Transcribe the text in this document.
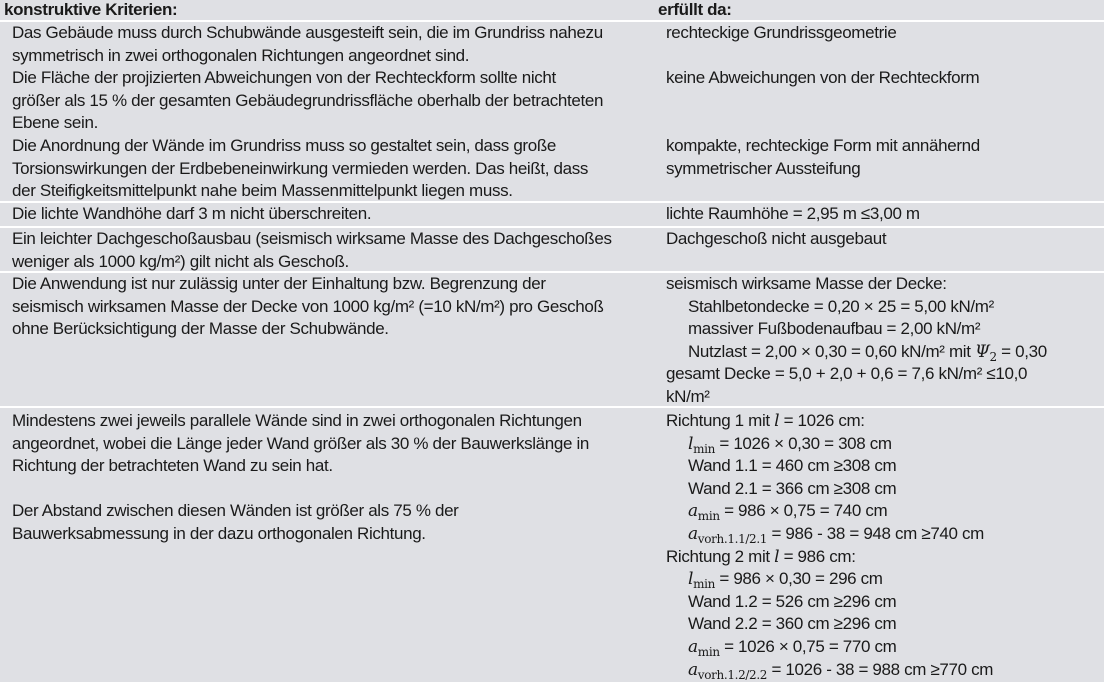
konstruktive Kriterien:	erfüllt da:
Das Gebäude muss durch Schubwände ausgesteift sein, die im Grundriss nahezu
symmetrisch in zwei orthogonalen Richtungen angeordnet sind.
Die Fläche der projizierten Abweichungen von der Rechteckform sollte nicht
größer als 15 % der gesamten Gebäudegrundrissfläche oberhalb der betrachteten
Ebene sein.
Die Anordnung der Wände im Grundriss muss so gestaltet sein, dass große
Torsionswirkungen der Erdbebeneinwirkung vermieden werden. Das heißt, dass
der Steifigkeitsmittelpunkt nahe beim Massenmittelpunkt liegen muss.
rechteckige Grundrissgeometrie
keine Abweichungen von der Rechteckform
kompakte, rechteckige Form mit annähernd
symmetrischer Aussteifung
Die lichte Wandhöhe darf 3 m nicht überschreiten.	lichte Raumhöhe = 2,95 m ≤3,00 m
Ein leichter Dachgeschoßausbau (seismisch wirksame Masse des Dachgeschoßes
weniger als 1000 kg/m²) gilt nicht als Geschoß.
Dachgeschoß nicht ausgebaut
Die Anwendung ist nur zulässig unter der Einhaltung bzw. Begrenzung der
seismisch wirksamen Masse der Decke von 1000 kg/m² (=10 kN/m²) pro Geschoß
ohne Berücksichtigung der Masse der Schubwände.
seismisch wirksame Masse der Decke:
Stahlbetondecke = 0,20 × 25 = 5,00 kN/m²
massiver Fußbodenaufbau = 2,00 kN/m²
Nutzlast = 2,00 × 0,30 = 0,60 kN/m² mit $\Psi_2 = 0,30$
gesamt Decke = 5,0 + 2,0 + 0,6 = 7,6 kN/m² ≤10,0
kN/m²
Mindestens zwei jeweils parallele Wände sind in zwei orthogonalen Richtungen
angeordnet, wobei die Länge jeder Wand größer als 30 % der Bauwerkslänge in
Richtung der betrachteten Wand zu sein hat.
Der Abstand zwischen diesen Wänden ist größer als 75 % der
Bauwerksabmessung in der dazu orthogonalen Richtung.
Richtung 1 mit l = 1026 cm:
$l_{min} = 1026 \times 0,30 = 308$ cm
Wand 1.1 = 460 cm ≥308 cm
Wand 2.1 = 366 cm ≥308 cm
$a_{min} = 986 \times 0,75 = 740$ cm
$a_{vorh.1.1/2.1} = 986 - 38 = 948$ cm ≥740 cm
Richtung 2 mit l = 986 cm:
$l_{min} = 986 \times 0,30 = 296$ cm
Wand 1.2 = 526 cm ≥296 cm
Wand 2.2 = 360 cm ≥296 cm
$a_{min} = 1026 \times 0,75 = 770$ cm
$a_{vorh.1.2/2.2} = 1026 - 38 = 988$ cm ≥770 cm
